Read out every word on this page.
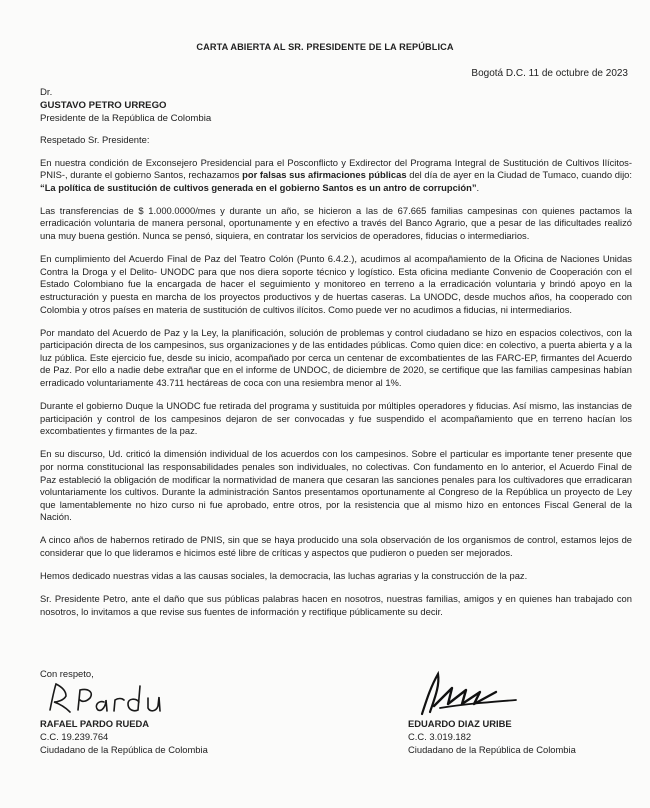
CARTA ABIERTA AL SR. PRESIDENTE DE LA REPÚBLICA
Bogotá D.C. 11 de octubre de 2023
Dr.
GUSTAVO PETRO URREGO
Presidente de la República de Colombia

Respetado Sr. Presidente:

En nuestra condición de Exconsejero Presidencial para el Posconflicto y Exdirector del Programa Integral de Sustitución de Cultivos Ilícitos-PNIS-, durante el gobierno Santos, rechazamos por falsas sus afirmaciones públicas del día de ayer en la Ciudad de Tumaco, cuando dijo: “La política de sustitución de cultivos generada en el gobierno Santos es un antro de corrupción”.

Las transferencias de $ 1.000.0000/mes y durante un año, se hicieron a las de 67.665 familias campesinas con quienes pactamos la erradicación voluntaria de manera personal, oportunamente y en efectivo a través del Banco Agrario, que a pesar de las dificultades realizó una muy buena gestión. Nunca se pensó, siquiera, en contratar los servicios de operadores, fiducias o intermediarios.

En cumplimiento del Acuerdo Final de Paz del Teatro Colón (Punto 6.4.2.), acudimos al acompañamiento de la Oficina de Naciones Unidas Contra la Droga y el Delito- UNODC para que nos diera soporte técnico y logístico. Esta oficina mediante Convenio de Cooperación con el Estado Colombiano fue la encargada de hacer el seguimiento y monitoreo en terreno a la erradicación voluntaria y brindó apoyo en la estructuración y puesta en marcha de los proyectos productivos y de huertas caseras. La UNODC, desde muchos años, ha cooperado con Colombia y otros países en materia de sustitución de cultivos ilícitos. Como puede ver no acudimos a fiducias, ni intermediarios.

Por mandato del Acuerdo de Paz y la Ley, la planificación, solución de problemas y control ciudadano se hizo en espacios colectivos, con la participación directa de los campesinos, sus organizaciones y de las entidades públicas. Como quien dice: en colectivo, a puerta abierta y a la luz pública. Este ejercicio fue, desde su inicio, acompañado por cerca un centenar de excombatientes de las FARC-EP, firmantes del Acuerdo de Paz. Por ello a nadie debe extrañar que en el informe de UNDOC, de diciembre de 2020, se certifique que las familias campesinas habían erradicado voluntariamente 43.711 hectáreas de coca con una resiembra menor al 1%.

Durante el gobierno Duque la UNODC fue retirada del programa y sustituida por múltiples operadores y fiducias. Así mismo, las instancias de participación y control de los campesinos dejaron de ser convocadas y fue suspendido el acompañamiento que en terreno hacían los excombatientes y firmantes de la paz.

En su discurso, Ud. criticó la dimensión individual de los acuerdos con los campesinos. Sobre el particular es importante tener presente que por norma constitucional las responsabilidades penales son individuales, no colectivas. Con fundamento en lo anterior, el Acuerdo Final de Paz estableció la obligación de modificar la normatividad de manera que cesaran las sanciones penales para los cultivadores que erradicaran voluntariamente los cultivos. Durante la administración Santos presentamos oportunamente al Congreso de la República un proyecto de Ley que lamentablemente no hizo curso ni fue aprobado, entre otros, por la resistencia que al mismo hizo en entonces Fiscal General de la Nación.

A cinco años de habernos retirado de PNIS, sin que se haya producido una sola observación de los organismos de control, estamos lejos de considerar que lo que lideramos e hicimos esté libre de críticas y aspectos que pudieron o pueden ser mejorados.

Hemos dedicado nuestras vidas a las causas sociales, la democracia, las luchas agrarias y la construcción de la paz.

Sr. Presidente Petro, ante el daño que sus públicas palabras hacen en nosotros, nuestras familias, amigos y en quienes han trabajado con nosotros, lo invitamos a que revise sus fuentes de información y rectifique públicamente su decir.

Con respeto,
RAFAEL PARDO RUEDA
C.C. 19.239.764
Ciudadano de la República de Colombia
EDUARDO DIAZ URIBE
C.C. 3.019.182
Ciudadano de la República de Colombia
